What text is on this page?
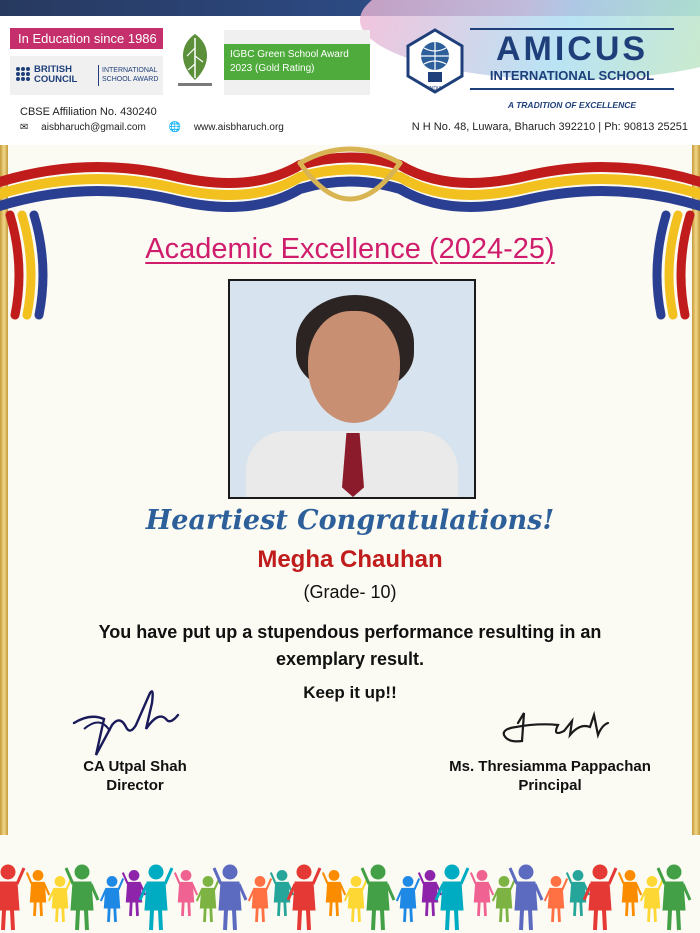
In Education since 1986
BRITISH
COUNCIL
INTERNATIONAL
SCHOOL AWARD
IGBC Green School Award
2023 (Gold Rating)
INDIA
AMICUS
INTERNATIONAL SCHOOL
A TRADITION OF EXCELLENCE
CBSE Affiliation No. 430240
✉ aisbharuch@gmail.com 🌐 www.aisbharuch.org	N H No. 48, Luwara, Bharuch 392210 | Ph: 90813 25251
Academic Excellence (2024-25)
Heartiest Congratulations!
Megha Chauhan
(Grade- 10)
You have put up a stupendous performance resulting in an
exemplary result.
Keep it up!!
CA Utpal Shah
Director
Ms. Thresiamma Pappachan
Principal
